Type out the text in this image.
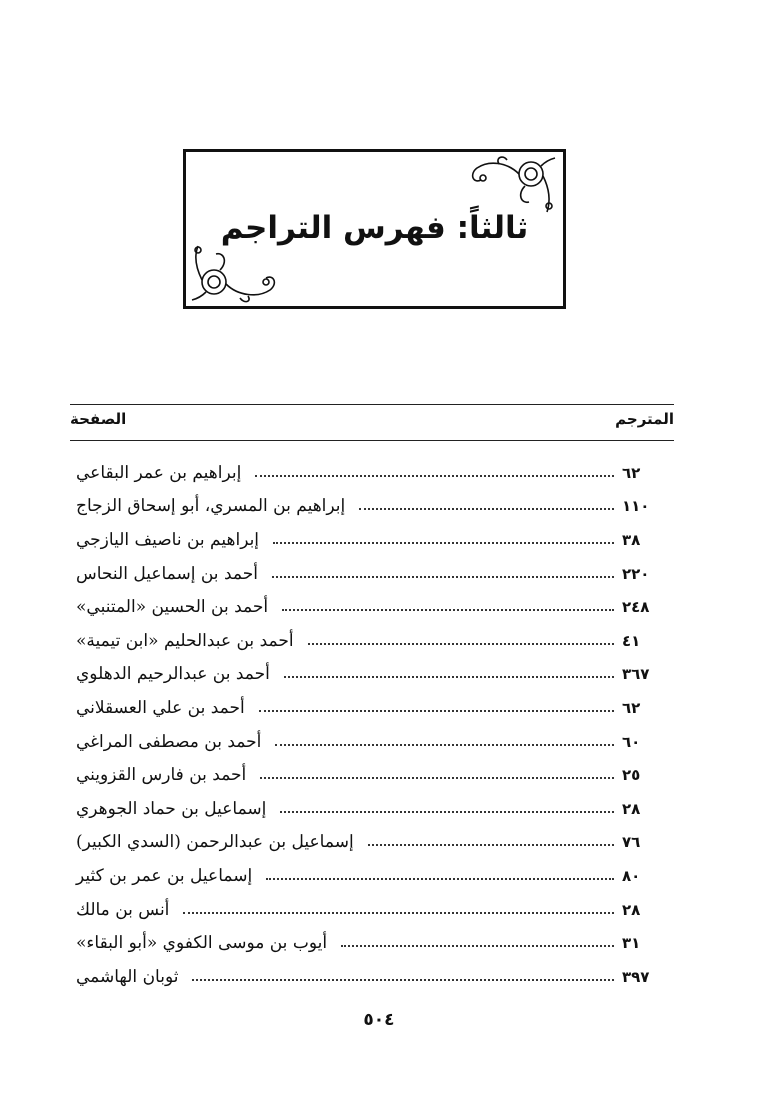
ثالثاً: فهرس التراجم
المترجم
الصفحة
إبراهيم بن عمر البقاعي	٦٢
إبراهيم بن المسري، أبو إسحاق الزجاج	١١٠
إبراهيم بن ناصيف اليازجي	٣٨
أحمد بن إسماعيل النحاس	٢٢٠
أحمد بن الحسين «المتنبي»	٢٤٨
أحمد بن عبدالحليم «ابن تيمية»	٤١
أحمد بن عبدالرحيم الدهلوي	٣٦٧
أحمد بن علي العسقلاني	٦٢
أحمد بن مصطفى المراغي	٦٠
أحمد بن فارس القزويني	٢٥
إسماعيل بن حماد الجوهري	٢٨
إسماعيل بن عبدالرحمن (السدي الكبير)	٧٦
إسماعيل بن عمر بن كثير	٨٠
أنس بن مالك	٢٨
أيوب بن موسى الكفوي «أبو البقاء»	٣١
ثوبان الهاشمي	٣٩٧
٥٠٤
